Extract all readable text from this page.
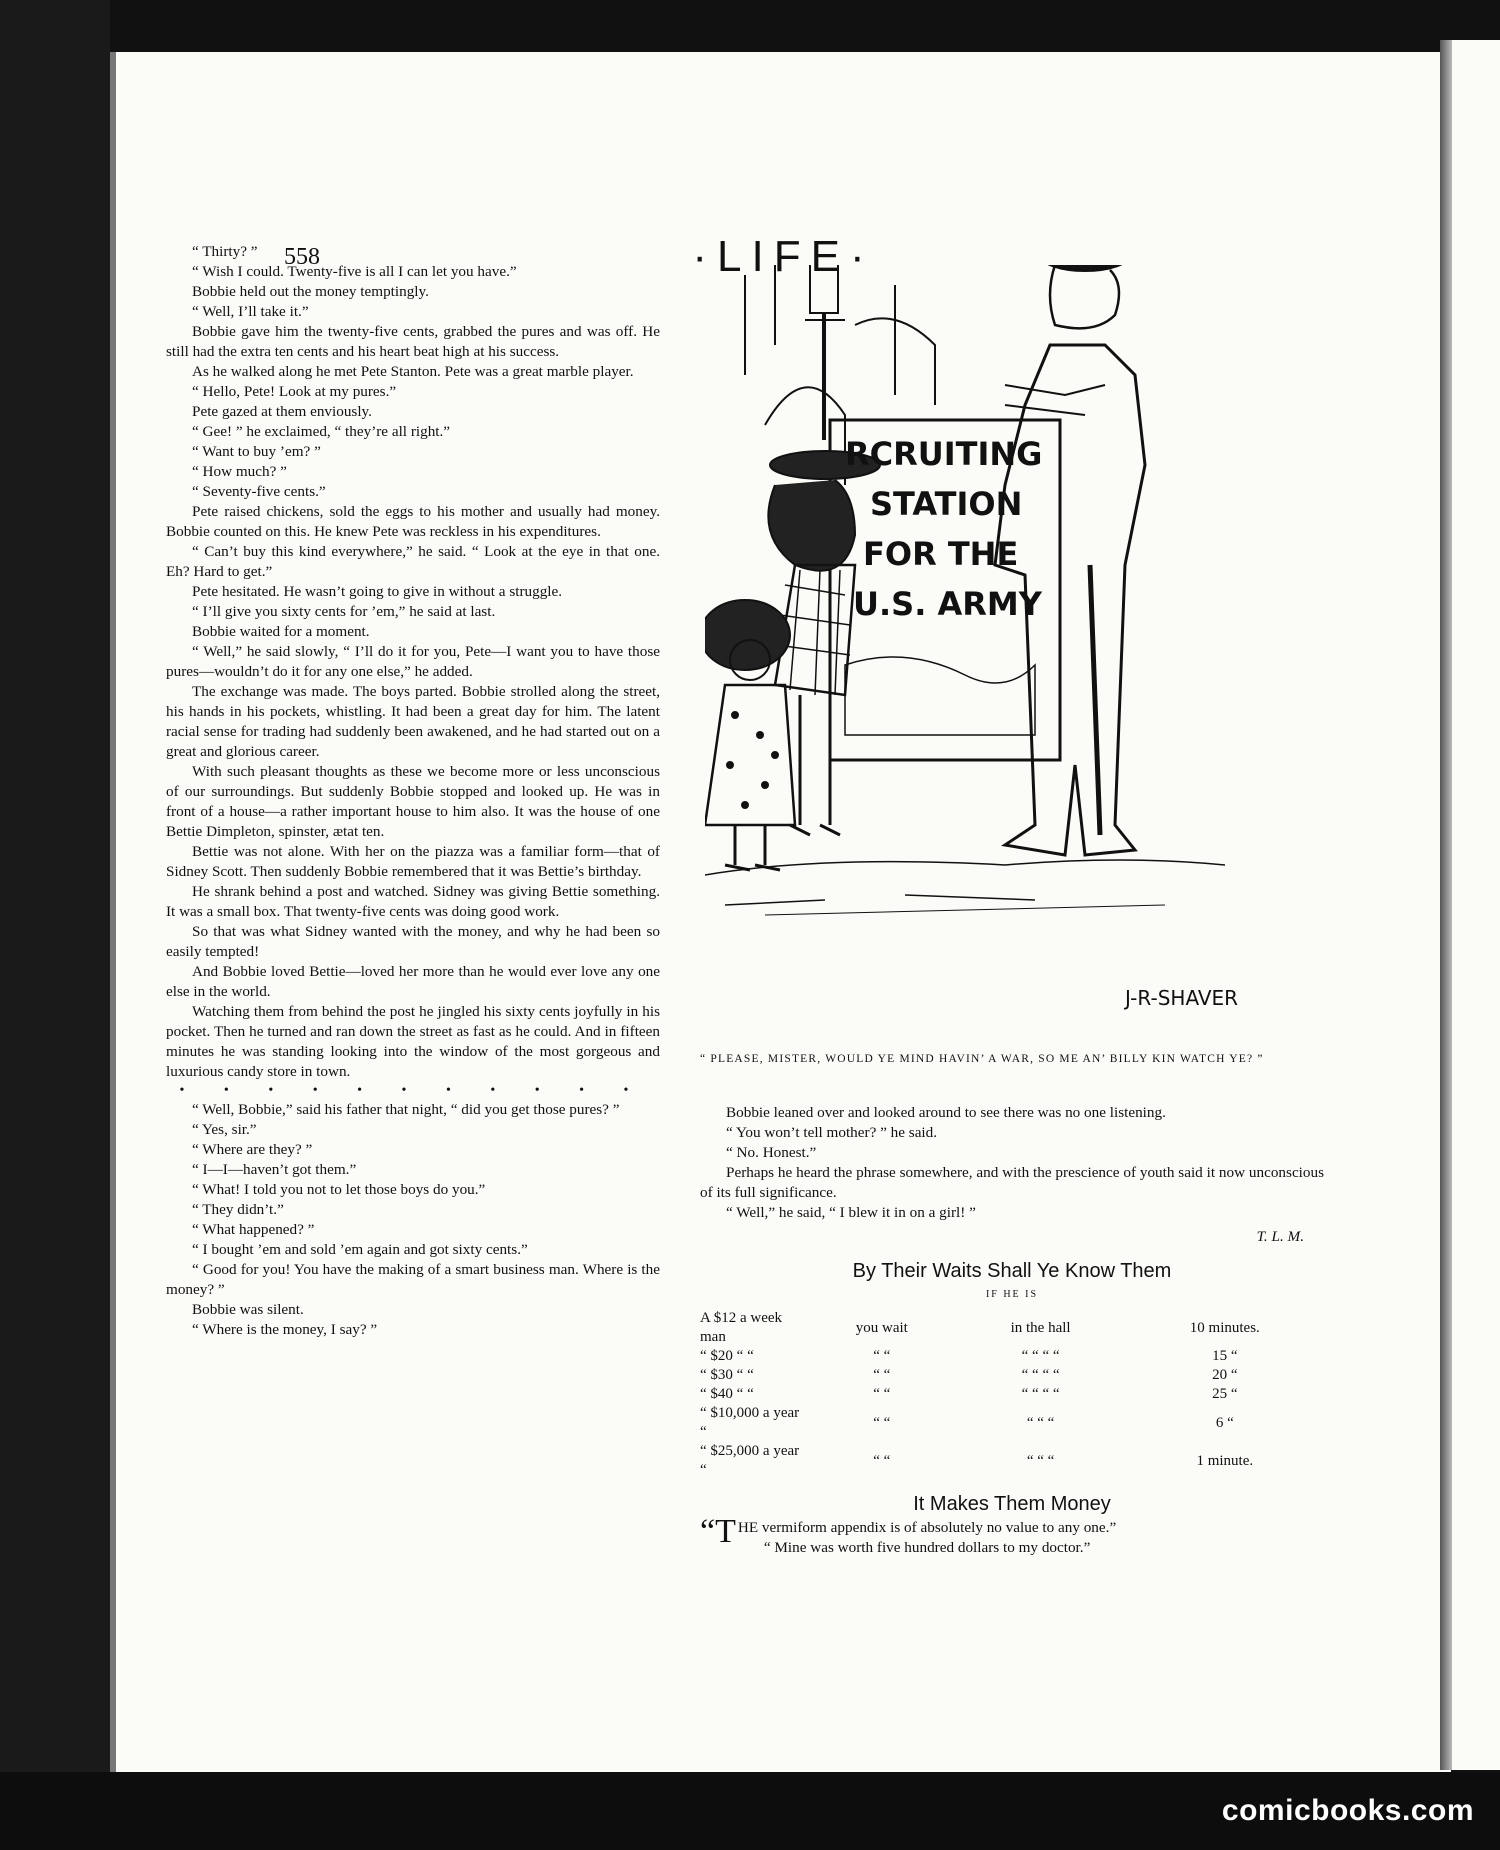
558	·LIFE·

“ Thirty? ”

“ Wish I could. Twenty-five is all I can let you have.”

Bobbie held out the money temptingly.

“ Well, I’ll take it.”

Bobbie gave him the twenty-five cents, grabbed the pures and was off. He still had the extra ten cents and his heart beat high at his success.

As he walked along he met Pete Stanton. Pete was a great marble player.

“ Hello, Pete! Look at my pures.”

Pete gazed at them enviously.

“ Gee! ” he exclaimed, “ they’re all right.”

“ Want to buy ’em? ”

“ How much? ”

“ Seventy-five cents.”

Pete raised chickens, sold the eggs to his mother and usually had money. Bobbie counted on this. He knew Pete was reckless in his expenditures.

“ Can’t buy this kind everywhere,” he said. “ Look at the eye in that one. Eh? Hard to get.”

Pete hesitated. He wasn’t going to give in without a struggle.

“ I’ll give you sixty cents for ’em,” he said at last.

Bobbie waited for a moment.

“ Well,” he said slowly, “ I’ll do it for you, Pete—I want you to have those pures—wouldn’t do it for any one else,” he added.

The exchange was made. The boys parted. Bobbie strolled along the street, his hands in his pockets, whistling. It had been a great day for him. The latent racial sense for trading had suddenly been awakened, and he had started out on a great and glorious career.

With such pleasant thoughts as these we become more or less unconscious of our surroundings. But suddenly Bobbie stopped and looked up. He was in front of a house—a rather important house to him also. It was the house of one Bettie Dimpleton, spinster, ætat ten.

Bettie was not alone. With her on the piazza was a familiar form—that of Sidney Scott. Then suddenly Bobbie remembered that it was Bettie’s birthday.

He shrank behind a post and watched. Sidney was giving Bettie something. It was a small box. That twenty-five cents was doing good work.

So that was what Sidney wanted with the money, and why he had been so easily tempted!

And Bobbie loved Bettie—loved her more than he would ever love any one else in the world.

Watching them from behind the post he jingled his sixty cents joyfully in his pocket. Then he turned and ran down the street as fast as he could. And in fifteen minutes he was standing looking into the window of the most gorgeous and luxurious candy store in town.

• • • • • • • • • • •

“ Well, Bobbie,” said his father that night, “ did you get those pures? ”

“ Yes, sir.”

“ Where are they? ”

“ I—I—haven’t got them.”

“ What! I told you not to let those boys do you.”

“ They didn’t.”

“ What happened? ”

“ I bought ’em and sold ’em again and got sixty cents.”

“ Good for you! You have the making of a smart business man. Where is the money? ”

Bobbie was silent.

“ Where is the money, I say? ”

RCRUITING
STATION
FOR THE
U.S. ARMY
J-R-SHAVER
“ PLEASE, MISTER, WOULD YE MIND HAVIN’ A WAR, SO ME AN’ BILLY KIN WATCH YE? ”

Bobbie leaned over and looked around to see there was no one listening.

“ You won’t tell mother? ” he said.

“ No. Honest.”

Perhaps he heard the phrase somewhere, and with the prescience of youth said it now unconscious of its full significance.

“ Well,” he said, “ I blew it in on a girl! ”

T. L. M.
By Their Waits Shall Ye Know Them
IF HE IS
A $12 a week man	you wait	in the hall	10 minutes.
“ $20 “ “	“ “	“ “ “ “	15 “
“ $30 “ “	“ “	“ “ “ “	20 “
“ $40 “ “	“ “	“ “ “ “	25 “
“ $10,000 a year “	“ “	“ “ “	6 “
“ $25,000 a year “	“ “	“ “ “	1 minute.
It Makes Them Money

“THE vermiform appendix is of absolutely no value to any one.”

“ Mine was worth five hundred dollars to my doctor.”

comicbooks.com
